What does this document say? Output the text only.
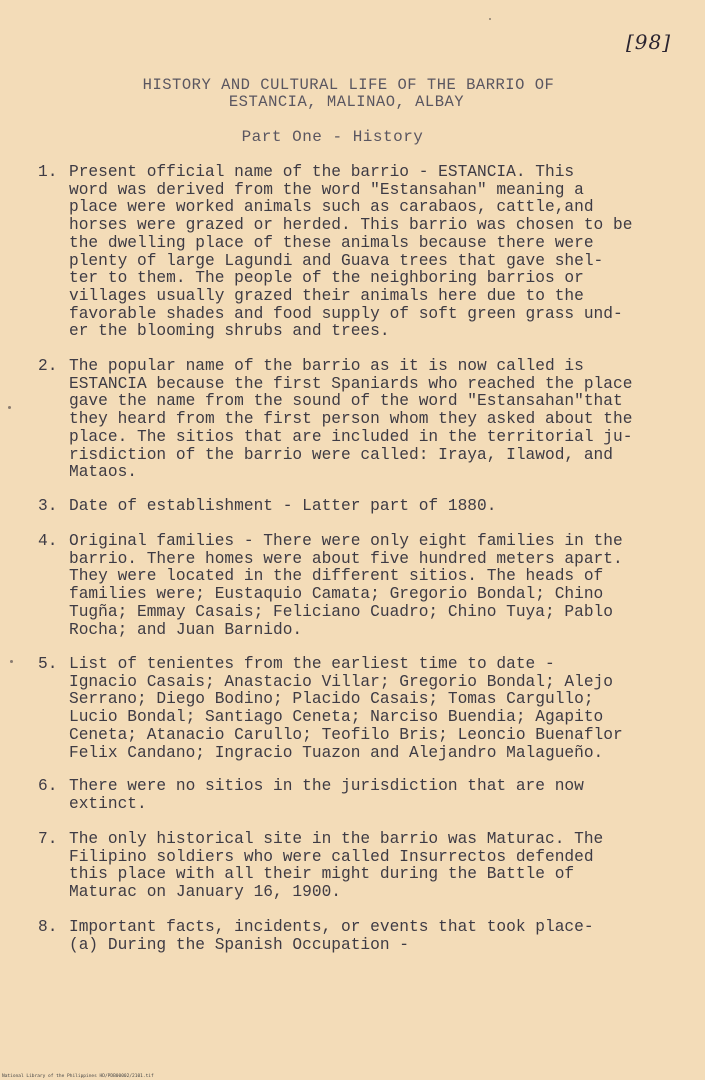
[98]
HISTORY AND CULTURAL LIFE OF THE BARRIO OF
ESTANCIA, MALINAO, ALBAY
Part One - History
1. Present official name of the barrio - ESTANCIA. This
word was derived from the word "Estansahan" meaning a
place were worked animals such as carabaos, cattle,and
horses were grazed or herded. This barrio was chosen to be
the dwelling place of these animals because there were
plenty of large Lagundi and Guava trees that gave shel-
ter to them. The people of the neighboring barrios or
villages usually grazed their animals here due to the
favorable shades and food supply of soft green grass und-
er the blooming shrubs and trees.
2. The popular name of the barrio as it is now called is
ESTANCIA because the first Spaniards who reached the place
gave the name from the sound of the word "Estansahan"that
they heard from the first person whom they asked about the
place. The sitios that are included in the territorial ju-
risdiction of the barrio were called: Iraya, Ilawod, and
Mataos.
3. Date of establishment - Latter part of 1880.
4. Original families - There were only eight families in the
barrio. There homes were about five hundred meters apart.
They were located in the different sitios. The heads of
families were; Eustaquio Camata; Gregorio Bondal; Chino
Tugña; Emmay Casais; Feliciano Cuadro; Chino Tuya; Pablo
Rocha; and Juan Barnido.
5. List of tenientes from the earliest time to date -
Ignacio Casais; Anastacio Villar; Gregorio Bondal; Alejo
Serrano; Diego Bodino; Placido Casais; Tomas Cargullo;
Lucio Bondal; Santiago Ceneta; Narciso Buendia; Agapito
Ceneta; Atanacio Carullo; Teofilo Bris; Leoncio Buenaflor
Felix Candano; Ingracio Tuazon and Alejandro Malagueño.
6. There were no sitios in the jurisdiction that are now
extinct.
7. The only historical site in the barrio was Maturac. The
Filipino soldiers who were called Insurrectos defended
this place with all their might during the Battle of
Maturac on January 16, 1900.
8. Important facts, incidents, or events that took place-
(a) During the Spanish Occupation -
National Library of the Philippines HD/PDB00002/2101.tif
